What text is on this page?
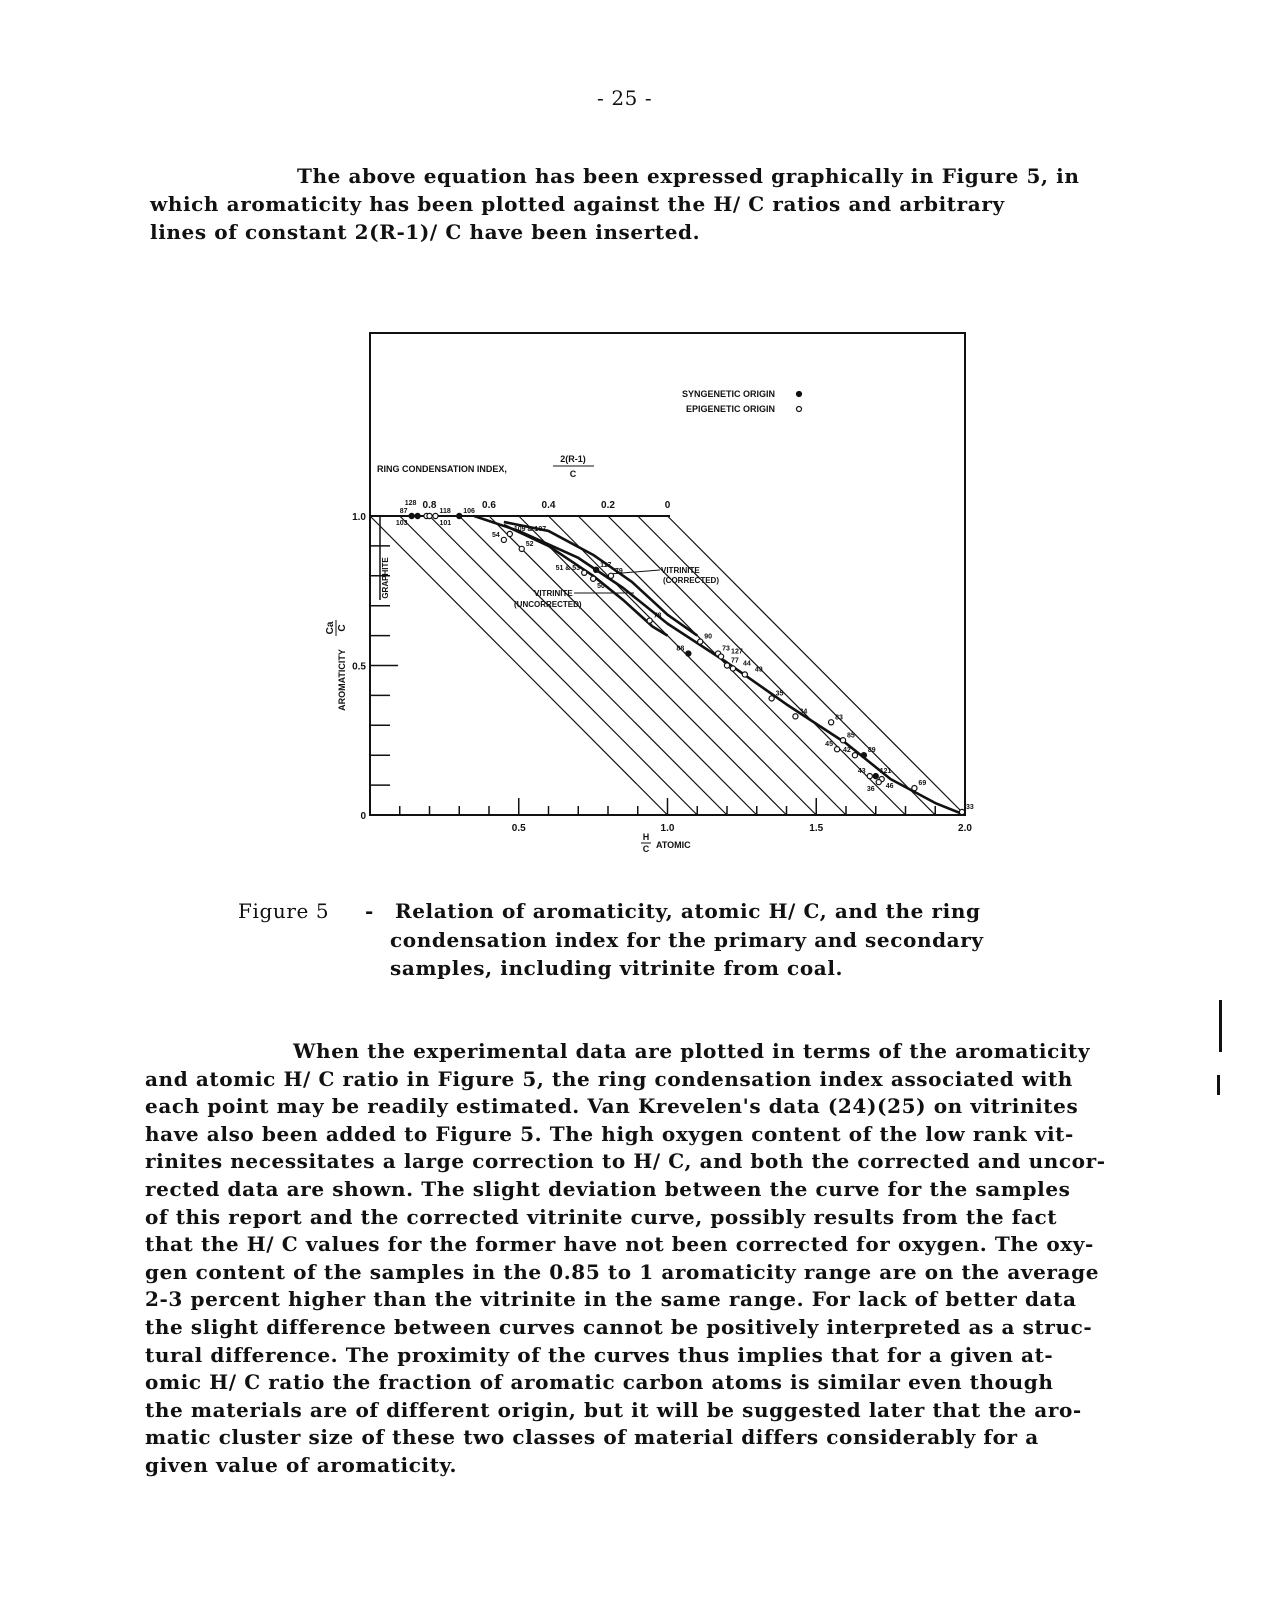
- 25 -
The above equation has been expressed graphically in Figure 5, in
which aromaticity has been plotted against the H/ C ratios and arbitrary
lines of constant 2(R-1)/ C have been inserted.
0.5	1.0	1.5	2.0
1.0
0.5
0
H
C ATOMIC
AROMATICITY
Ca C
GRAPHITE
RING CONDENSATION INDEX,
2(R-1)
C
0.8	0.6	0.4	0.2	0
SYNGENETIC ORIGIN
EPIGENETIC ORIGIN
VITRINITE
(CORRECTED)
VITRINITE
(UNCORRECTED)
87
103
128
118
101
106
54
109 & 107
52
51 & 53
50
117
79
78
90
88	73 127
77 44
49
35
34
83
85
45
42 89
43 121
46
36
69
33
Figure 5 - Relation of aromaticity, atomic H/ C, and the ring
condensation index for the primary and secondary
samples, including vitrinite from coal.
When the experimental data are plotted in terms of the aromaticity
and atomic H/ C ratio in Figure 5, the ring condensation index associated with
each point may be readily estimated. Van Krevelen's data (24)(25) on vitrinites
have also been added to Figure 5. The high oxygen content of the low rank vit-
rinites necessitates a large correction to H/ C, and both the corrected and uncor-
rected data are shown. The slight deviation between the curve for the samples
of this report and the corrected vitrinite curve, possibly results from the fact
that the H/ C values for the former have not been corrected for oxygen. The oxy-
gen content of the samples in the 0.85 to 1 aromaticity range are on the average
2-3 percent higher than the vitrinite in the same range. For lack of better data
the slight difference between curves cannot be positively interpreted as a struc-
tural difference. The proximity of the curves thus implies that for a given at-
omic H/ C ratio the fraction of aromatic carbon atoms is similar even though
the materials are of different origin, but it will be suggested later that the aro-
matic cluster size of these two classes of material differs considerably for a
given value of aromaticity.
